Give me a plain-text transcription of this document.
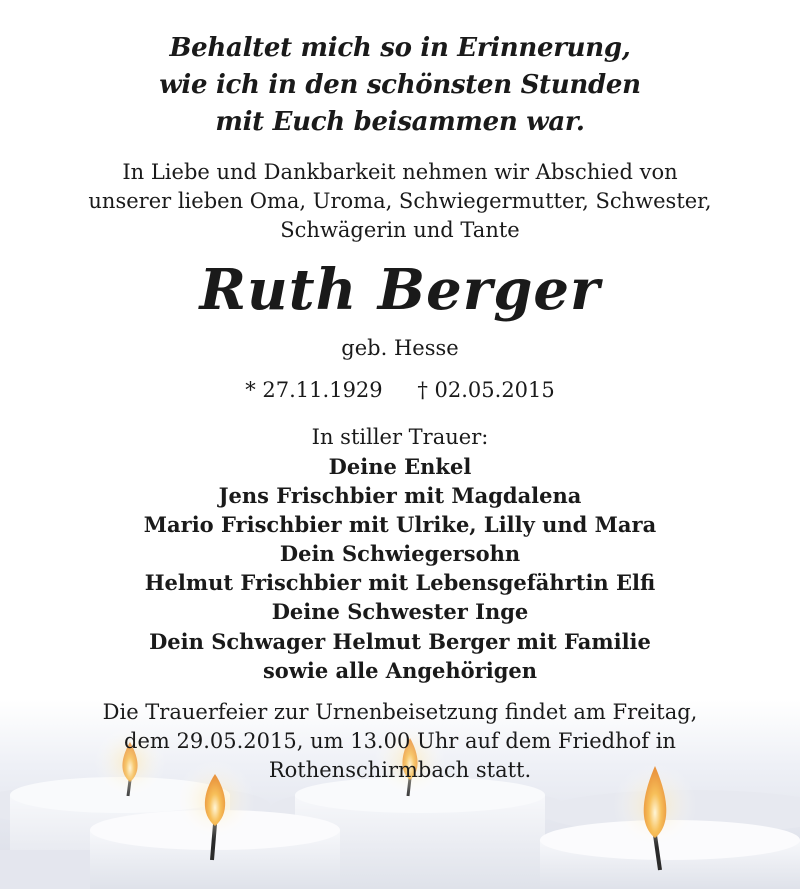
Behaltet mich so in Erinnerung,
wie ich in den schönsten Stunden
mit Euch beisammen war.
In Liebe und Dankbarkeit nehmen wir Abschied von
unserer lieben Oma, Uroma, Schwiegermutter, Schwester,
Schwägerin und Tante
Ruth Berger
geb. Hesse
* 27.11.1929 † 02.05.2015
In stiller Trauer:
Deine Enkel
Jens Frischbier mit Magdalena
Mario Frischbier mit Ulrike, Lilly und Mara
Dein Schwiegersohn
Helmut Frischbier mit Lebensgefährtin Elfi
Deine Schwester Inge
Dein Schwager Helmut Berger mit Familie
sowie alle Angehörigen
Die Trauerfeier zur Urnenbeisetzung findet am Freitag,
dem 29.05.2015, um 13.00 Uhr auf dem Friedhof in
Rothenschirmbach statt.
